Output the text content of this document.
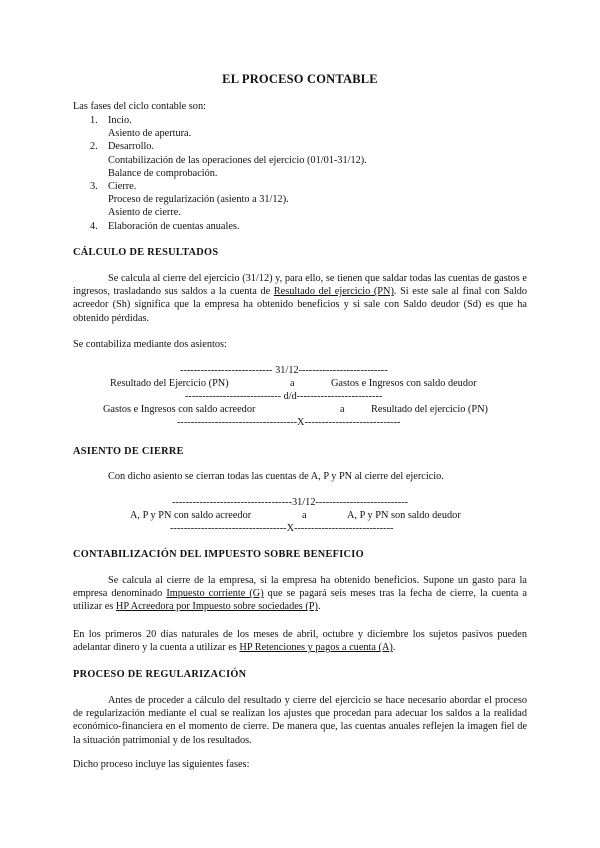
EL PROCESO CONTABLE
Las fases del ciclo contable son:
1. Incio.
Asiento de apertura.
2. Desarrollo.
Contabilización de las operaciones del ejercicio (01/01-31/12).
Balance de comprobación.
3. Cierre.
Proceso de regularización (asiento a 31/12).
Asiento de cierre.
4. Elaboración de cuentas anuales.
CÁLCULO DE RESULTADOS
Se calcula al cierre del ejercicio (31/12) y, para ello, se tienen que saldar todas las cuentas de gastos e ingresos, trasladando sus saldos a la cuenta de Resultado del ejercicio (PN). Si este sale al final con Saldo acreedor (Sh) significa que la empresa ha obtenido beneficios y si sale con Saldo deudor (Sd) es que ha obtenido pérdidas.
Se contabiliza mediante dos asientos:
--------------------------- 31/12--------------------------
Resultado del Ejercicio (PN)	a	Gastos e Ingresos con saldo deudor
---------------------------- d/d-------------------------
Gastos e Ingresos con saldo acreedor	a	Resultado del ejercicio (PN)
-----------------------------------X----------------------------
ASIENTO DE CIERRE
Con dicho asiento se cierran todas las cuentas de A, P y PN al cierre del ejercicio.
-----------------------------------31/12---------------------------
A, P y PN con saldo acreedor	a	A, P y PN son saldo deudor
----------------------------------X-----------------------------
CONTABILIZACIÓN DEL IMPUESTO SOBRE BENEFICIO
Se calcula al cierre de la empresa, si la empresa ha obtenido beneficios. Supone un gasto para la empresa denominado Impuesto corriente (G) que se pagará seis meses tras la fecha de cierre, la cuenta a utilizar es HP Acreedora por Impuesto sobre sociedades (P).
En los primeros 20 días naturales de los meses de abril, octubre y diciembre los sujetos pasivos pueden adelantar dinero y la cuenta a utilizar es HP Retenciones y pagos a cuenta (A).
PROCESO DE REGULARIZACIÓN
Antes de proceder a cálculo del resultado y cierre del ejercicio se hace necesario abordar el proceso de regularización mediante el cual se realizan los ajustes que procedan para adecuar los saldos a la realidad económico-financiera en el momento de cierre. De manera que, las cuentas anuales reflejen la imagen fiel de la situación patrimonial y de los resultados.
Dicho proceso incluye las siguientes fases:
